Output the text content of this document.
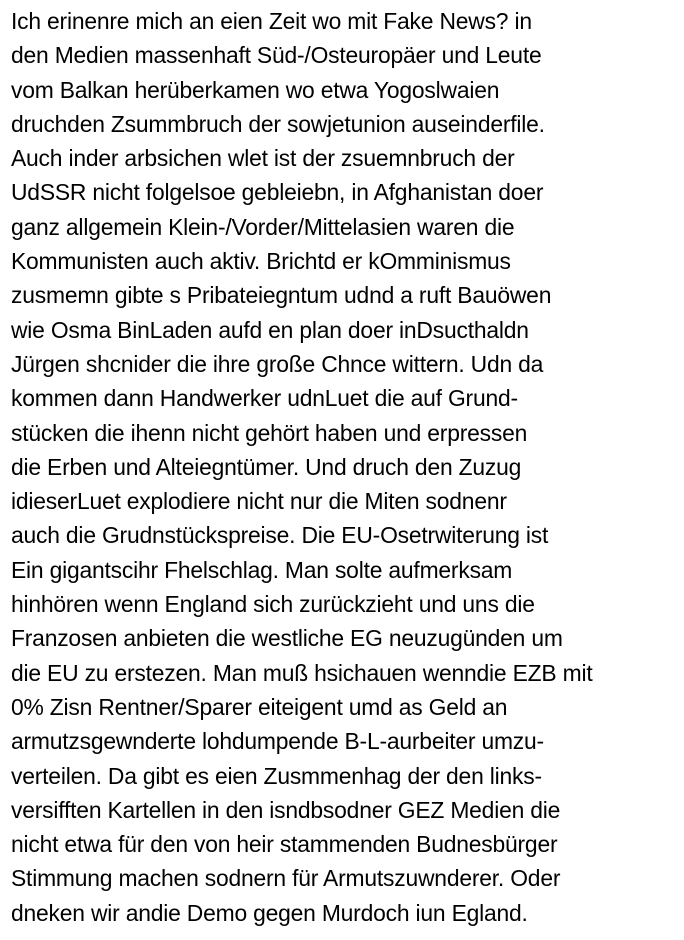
Ich erinenre mich an eien Zeit wo mit Fake News? in
den Medien massenhaft Süd-/Osteuropäer und Leute
vom Balkan herüberkamen wo etwa Yogoslwaien
druchden Zsummbruch der sowjetunion auseinderfile.
Auch inder arbsichen wlet ist der zsuemnbruch der
UdSSR nicht folgelsoe gebleiebn, in Afghanistan doer
ganz allgemein Klein-/Vorder/Mittelasien waren die
Kommunisten auch aktiv. Brichtd er kOmminismus
zusmemn gibte s Pribateiegntum udnd a ruft Bauöwen
wie Osma BinLaden aufd en plan doer inDsucthaldn
Jürgen shcnider die ihre große Chnce wittern. Udn da
kommen dann Handwerker udnLuet die auf Grund-
stücken die ihenn nicht gehört haben und erpressen
die Erben und Alteiegntümer. Und druch den Zuzug
idieserLuet explodiere nicht nur die Miten sodnenr
auch die Grudnstückspreise. Die EU-Osetrwiterung ist
Ein gigantscihr Fhelschlag. Man solte aufmerksam
hinhören wenn England sich zurückzieht und uns die
Franzosen anbieten die westliche EG neuzugünden um
die EU zu erstezen. Man muß hsichauen wenndie EZB mit
0% Zisn Rentner/Sparer eiteigent umd as Geld an
armutzsgewnderte lohdumpende B-L-aurbeiter umzu-
verteilen. Da gibt es eien Zusmmenhag der den links-
versifften Kartellen in den isndbsodner GEZ Medien die
nicht etwa für den von heir stammenden Budnesbürger
Stimmung machen sodnern für Armutszuwnderer. Oder
dneken wir andie Demo gegen Murdoch iun Egland.
